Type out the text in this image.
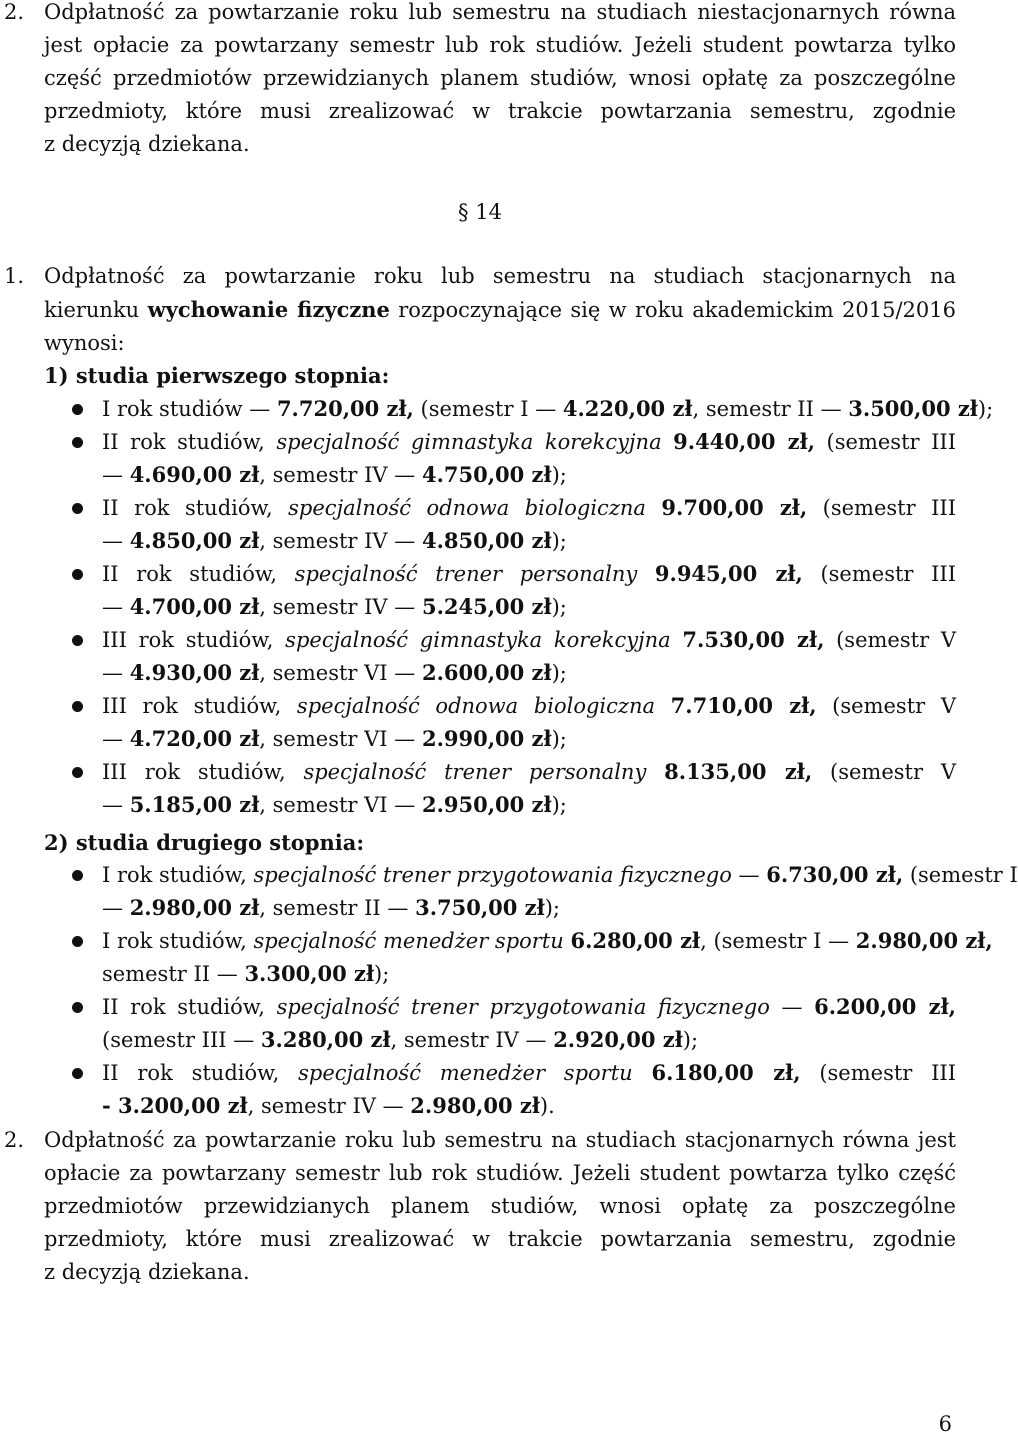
2. Odpłatność za powtarzanie roku lub semestru na studiach niestacjonarnych równa
jest opłacie za powtarzany semestr lub rok studiów. Jeżeli student powtarza tylko
część przedmiotów przewidzianych planem studiów, wnosi opłatę za poszczególne
przedmioty, które musi zrealizować w trakcie powtarzania semestru, zgodnie
z decyzją dziekana.
§ 14
1. Odpłatność za powtarzanie roku lub semestru na studiach stacjonarnych na
kierunku wychowanie fizyczne rozpoczynające się w roku akademickim 2015/2016
wynosi:
1) studia pierwszego stopnia:
I rok studiów — 7.720,00 zł, (semestr I — 4.220,00 zł, semestr II — 3.500,00 zł);
II rok studiów, specjalność gimnastyka korekcyjna 9.440,00 zł, (semestr III
— 4.690,00 zł, semestr IV — 4.750,00 zł);
II rok studiów, specjalność odnowa biologiczna 9.700,00 zł, (semestr III
— 4.850,00 zł, semestr IV — 4.850,00 zł);
II rok studiów, specjalność trener personalny 9.945,00 zł, (semestr III
— 4.700,00 zł, semestr IV — 5.245,00 zł);
III rok studiów, specjalność gimnastyka korekcyjna 7.530,00 zł, (semestr V
— 4.930,00 zł, semestr VI — 2.600,00 zł);
III rok studiów, specjalność odnowa biologiczna 7.710,00 zł, (semestr V
— 4.720,00 zł, semestr VI — 2.990,00 zł);
III rok studiów, specjalność trener personalny 8.135,00 zł, (semestr V
— 5.185,00 zł, semestr VI — 2.950,00 zł);
2) studia drugiego stopnia:
I rok studiów, specjalność trener przygotowania fizycznego — 6.730,00 zł, (semestr I
— 2.980,00 zł, semestr II — 3.750,00 zł);
I rok studiów, specjalność menedżer sportu 6.280,00 zł, (semestr I — 2.980,00 zł,
semestr II — 3.300,00 zł);
II rok studiów, specjalność trener przygotowania fizycznego — 6.200,00 zł,
(semestr III — 3.280,00 zł, semestr IV — 2.920,00 zł);
II rok studiów, specjalność menedżer sportu 6.180,00 zł, (semestr III
- 3.200,00 zł, semestr IV — 2.980,00 zł).
2. Odpłatność za powtarzanie roku lub semestru na studiach stacjonarnych równa jest
opłacie za powtarzany semestr lub rok studiów. Jeżeli student powtarza tylko część
przedmiotów przewidzianych planem studiów, wnosi opłatę za poszczególne
przedmioty, które musi zrealizować w trakcie powtarzania semestru, zgodnie
z decyzją dziekana.
6
